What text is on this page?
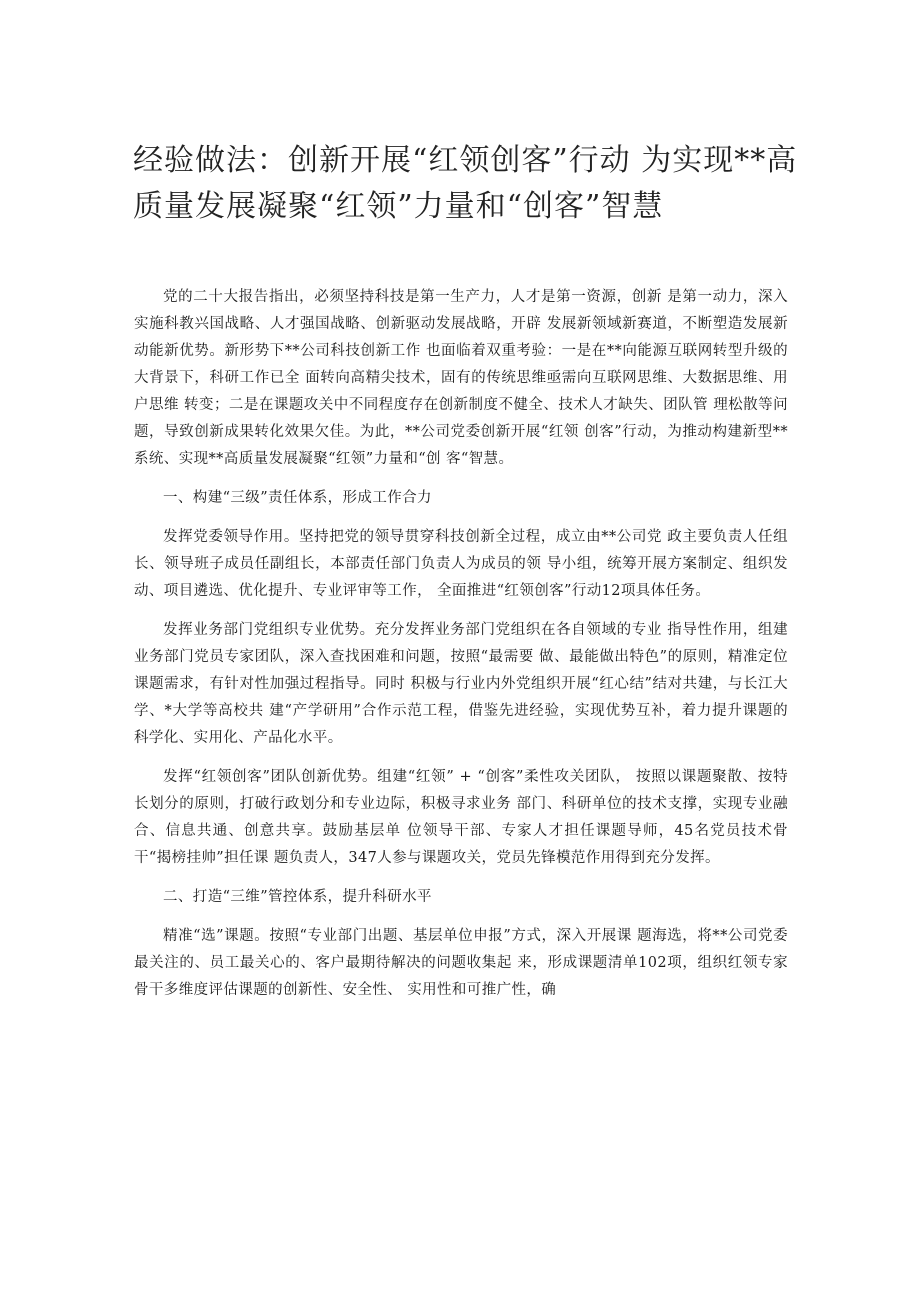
经验做法：创新开展“红领创客”行动 为实现**高
质量发展凝聚“红领”力量和“创客”智慧

党的二十大报告指出，必须坚持科技是第一生产力，人才是第一资源，创新 是第一动力，深入实施科教兴国战略、人才强国战略、创新驱动发展战略，开辟 发展新领域新赛道，不断塑造发展新动能新优势。新形势下**公司科技创新工作 也面临着双重考验：一是在**向能源互联网转型升级的大背景下，科研工作已全 面转向高精尖技术，固有的传统思维亟需向互联网思维、大数据思维、用户思维 转变；二是在课题攻关中不同程度存在创新制度不健全、技术人才缺失、团队管 理松散等问题，导致创新成果转化效果欠佳。为此，**公司党委创新开展“红领 创客”行动，为推动构建新型**系统、实现**高质量发展凝聚“红领”力量和“创 客“智慧。

一、构建“三级”责任体系，形成工作合力

发挥党委领导作用。坚持把党的领导贯穿科技创新全过程，成立由**公司党 政主要负责人任组长、领导班子成员任副组长，本部责任部门负责人为成员的领 导小组，统筹开展方案制定、组织发动、项目遴选、优化提升、专业评审等工作， 全面推进“红领创客”行动12项具体任务。

发挥业务部门党组织专业优势。充分发挥业务部门党组织在各自领域的专业 指导性作用，组建业务部门党员专家团队，深入查找困难和问题，按照“最需要 做、最能做出特色”的原则，精准定位课题需求，有针对性加强过程指导。同时 积极与行业内外党组织开展“红心结”结对共建，与长江大学、*大学等高校共 建“产学研用”合作示范工程，借鉴先进经验，实现优势互补，着力提升课题的 科学化、实用化、产品化水平。

发挥“红领创客”团队创新优势。组建“红领” + “创客”柔性攻关团队， 按照以课题聚散、按特长划分的原则，打破行政划分和专业边际，积极寻求业务 部门、科研单位的技术支撑，实现专业融合、信息共通、创意共享。鼓励基层单 位领导干部、专家人才担任课题导师，45名党员技术骨干“揭榜挂帅”担任课 题负责人，347人参与课题攻关，党员先锋模范作用得到充分发挥。

二、打造“三维”管控体系，提升科研水平

精准“选”课题。按照“专业部门出题、基层单位申报”方式，深入开展课 题海选，将**公司党委最关注的、员工最关心的、客户最期待解决的问题收集起 来，形成课题清单102项，组织红领专家骨干多维度评估课题的创新性、安全性、 实用性和可推广性，确
